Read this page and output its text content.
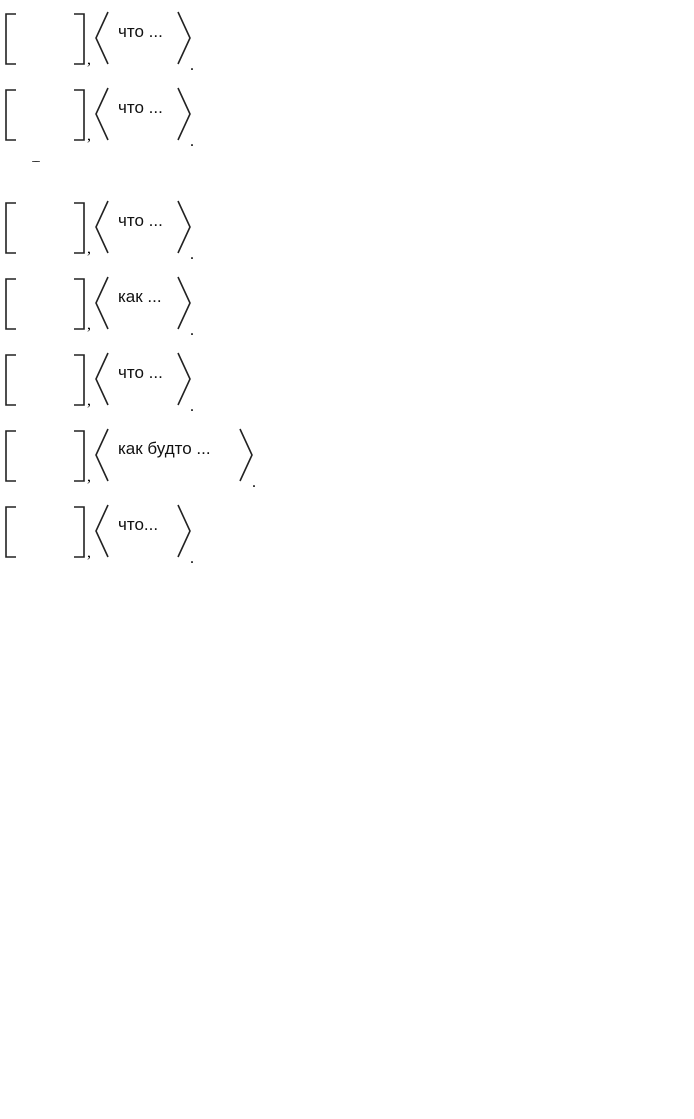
,	.
что ...

,	.
что ...

,	.
что ...

,	.
как ...

,	.
что ...

,	.
как будто ...

,	.
что...
